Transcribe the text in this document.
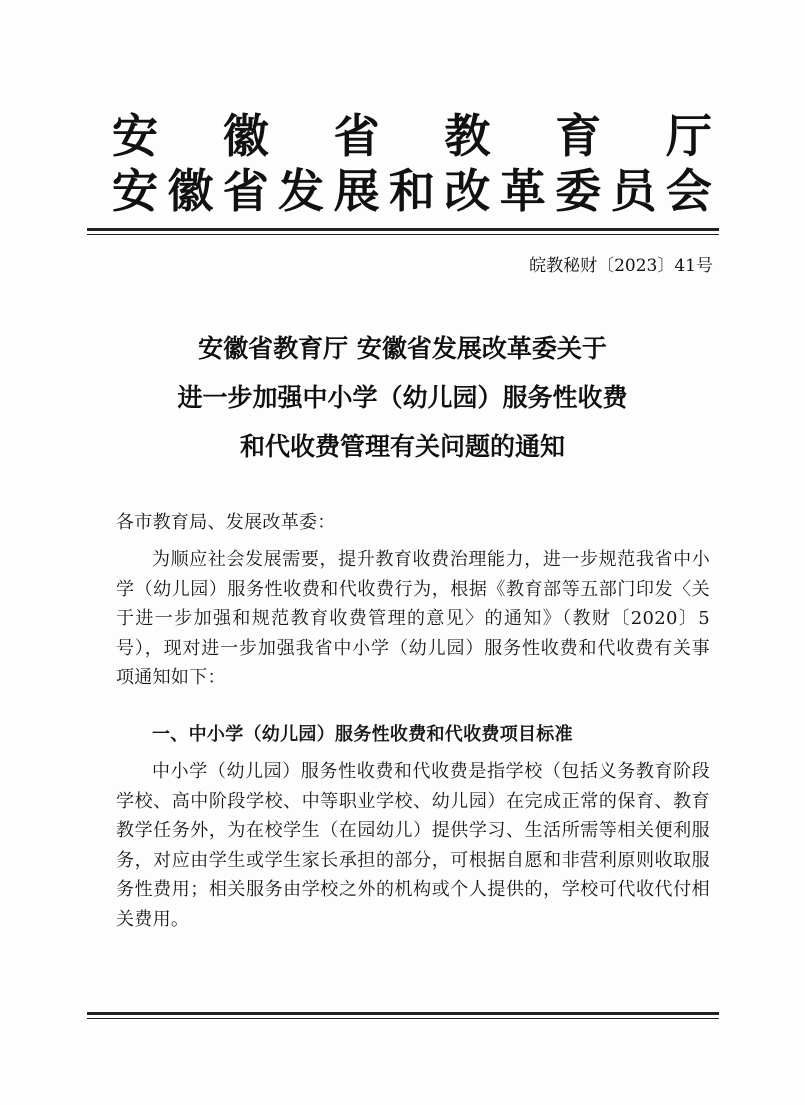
安 徽 省 教 育 厅
安 徽 省 发 展 和 改 革 委 员 会
皖教秘财〔2023〕41号
安徽省教育厅 安徽省发展改革委关于
进一步加强中小学（幼儿园）服务性收费
和代收费管理有关问题的通知
各市教育局、发展改革委：
为顺应社会发展需要，提升教育收费治理能力，进一步规范我省中小学（幼儿园）服务性收费和代收费行为，根据《教育部等五部门印发〈关于进一步加强和规范教育收费管理的意见〉的通知》（教财〔2020〕5号），现对进一步加强我省中小学（幼儿园）服务性收费和代收费有关事项通知如下：
一、中小学（幼儿园）服务性收费和代收费项目标准
中小学（幼儿园）服务性收费和代收费是指学校（包括义务教育阶段学校、高中阶段学校、中等职业学校、幼儿园）在完成正常的保育、教育教学任务外，为在校学生（在园幼儿）提供学习、生活所需等相关便利服务，对应由学生或学生家长承担的部分，可根据自愿和非营利原则收取服务性费用；相关服务由学校之外的机构或个人提供的，学校可代收代付相关费用。
